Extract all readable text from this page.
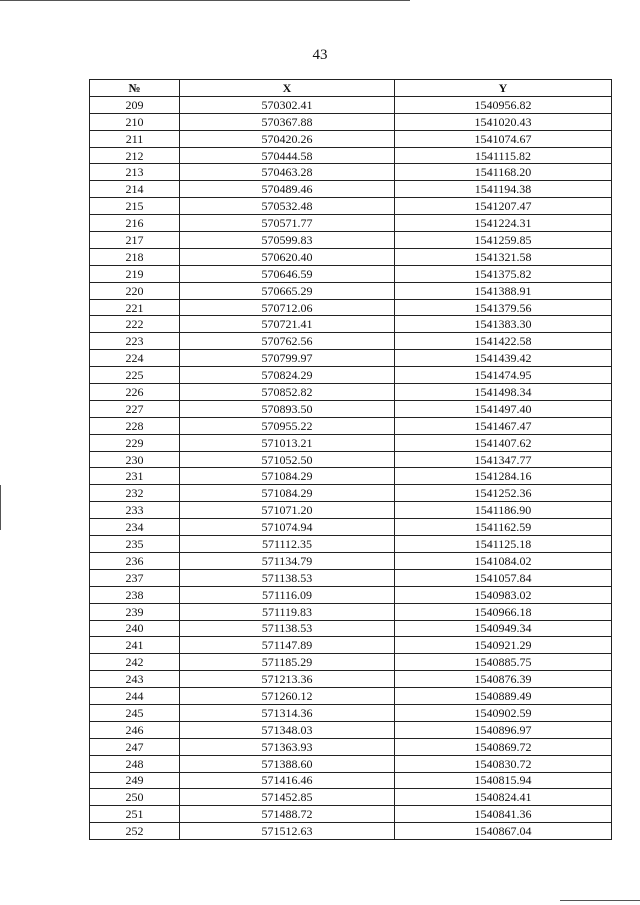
43
№	X	Y
209	570302.41	1540956.82
210	570367.88	1541020.43
211	570420.26	1541074.67
212	570444.58	1541115.82
213	570463.28	1541168.20
214	570489.46	1541194.38
215	570532.48	1541207.47
216	570571.77	1541224.31
217	570599.83	1541259.85
218	570620.40	1541321.58
219	570646.59	1541375.82
220	570665.29	1541388.91
221	570712.06	1541379.56
222	570721.41	1541383.30
223	570762.56	1541422.58
224	570799.97	1541439.42
225	570824.29	1541474.95
226	570852.82	1541498.34
227	570893.50	1541497.40
228	570955.22	1541467.47
229	571013.21	1541407.62
230	571052.50	1541347.77
231	571084.29	1541284.16
232	571084.29	1541252.36
233	571071.20	1541186.90
234	571074.94	1541162.59
235	571112.35	1541125.18
236	571134.79	1541084.02
237	571138.53	1541057.84
238	571116.09	1540983.02
239	571119.83	1540966.18
240	571138.53	1540949.34
241	571147.89	1540921.29
242	571185.29	1540885.75
243	571213.36	1540876.39
244	571260.12	1540889.49
245	571314.36	1540902.59
246	571348.03	1540896.97
247	571363.93	1540869.72
248	571388.60	1540830.72
249	571416.46	1540815.94
250	571452.85	1540824.41
251	571488.72	1540841.36
252	571512.63	1540867.04
